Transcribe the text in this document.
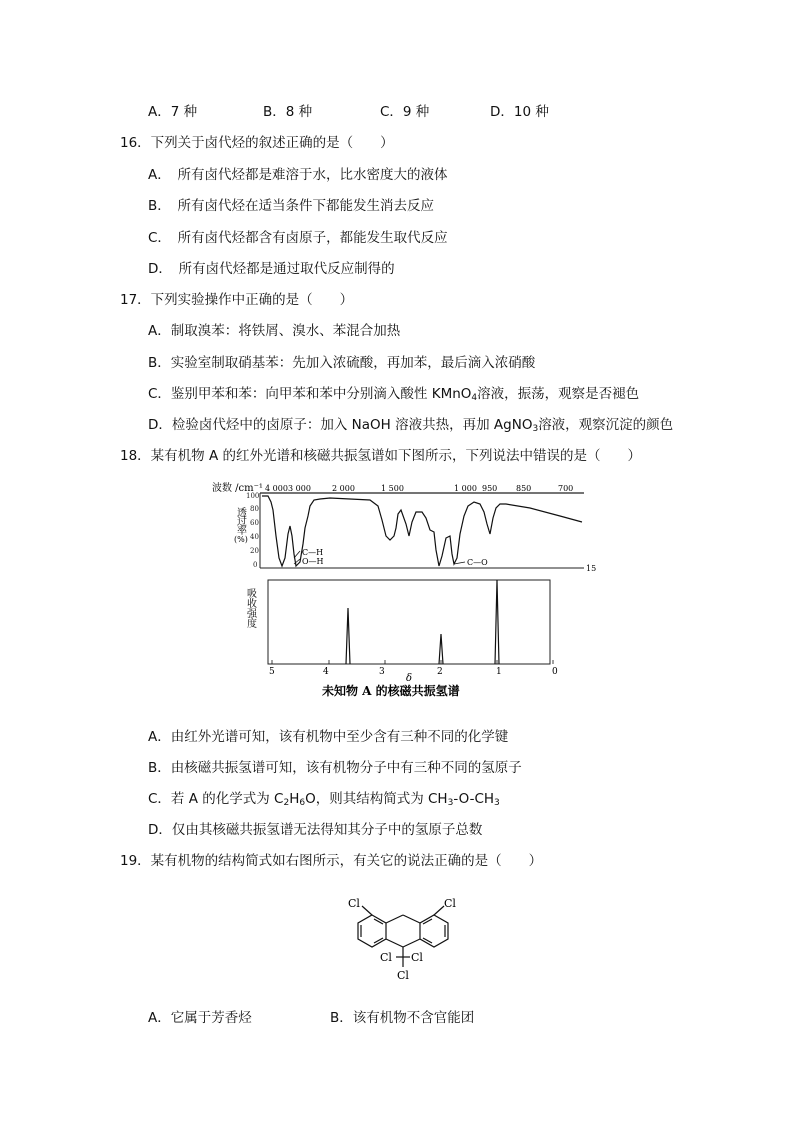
A．7 种	B．8 种	C．9 种	D．10 种
16．下列关于卤代烃的叙述正确的是（　　）
A．　所有卤代烃都是难溶于水，比水密度大的液体
B．　所有卤代烃在适当条件下都能发生消去反应
C．　所有卤代烃都含有卤原子，都能发生取代反应
D．　所有卤代烃都是通过取代反应制得的
17．下列实验操作中正确的是（　　）
A．制取溴苯：将铁屑、溴水、苯混合加热
B．实验室制取硝基苯：先加入浓硫酸，再加苯，最后滴入浓硝酸
C．鉴别甲苯和苯：向甲苯和苯中分别滴入酸性 KMnO$_4$溶液，振荡，观察是否褪色
D．检验卤代烃中的卤原子：加入 NaOH 溶液共热，再加 AgNO$_3$溶液，观察沉淀的颜色
18．某有机物 A 的红外光谱和核磁共振氢谱如下图所示，下列说法中错误的是（　　）
波数 /cm⁻¹ 4 000 3 000	2 000	1 500	1 000 950 850	700
100
80
60
40
20
0
透
过
率
(%)
15
C—H
O—H	C—O
吸
收
强
度
5	4	3	2	1	0
δ
未知物 A 的核磁共振氢谱
A．由红外光谱可知，该有机物中至少含有三种不同的化学键
B．由核磁共振氢谱可知，该有机物分子中有三种不同的氢原子
C．若 A 的化学式为 $C_2H_6O$，则其结构简式为 $CH_3-O-CH_3$
D．仅由其核磁共振氢谱无法得知其分子中的氢原子总数
19．某有机物的结构简式如右图所示，有关它的说法正确的是（　　）
Cl	Cl
Cl Cl
Cl
A．它属于芳香烃	B．该有机物不含官能团
